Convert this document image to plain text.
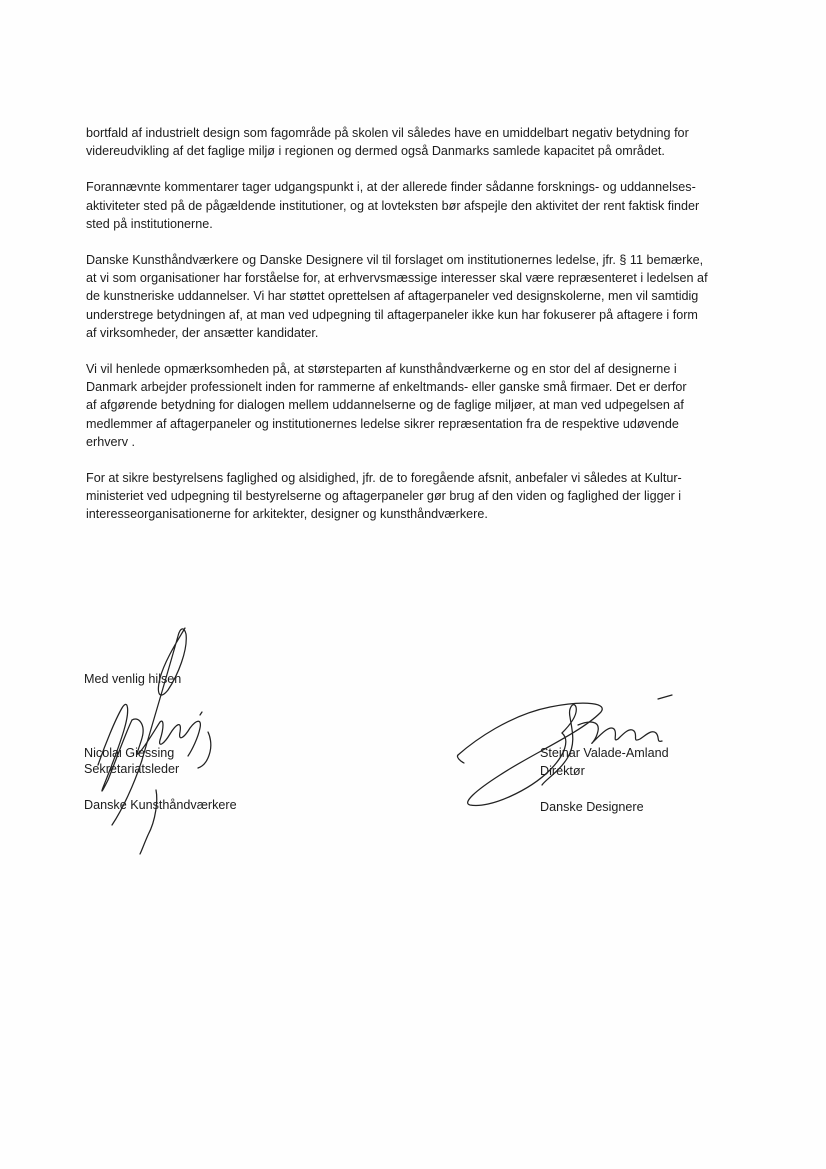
bortfald af industrielt design som fagområde på skolen vil således have en umiddelbart negativ betydning for
videreudvikling af det faglige miljø i regionen og dermed også Danmarks samlede kapacitet på området.

Forannævnte kommentarer tager udgangspunkt i, at der allerede finder sådanne forsknings- og uddannelses-
aktiviteter sted på de pågældende institutioner, og at lovteksten bør afspejle den aktivitet der rent faktisk finder
sted på institutionerne.

Danske Kunsthåndværkere og Danske Designere vil til forslaget om institutionernes ledelse, jfr. § 11 bemærke,
at vi som organisationer har forståelse for, at erhvervsmæssige interesser skal være repræsenteret i ledelsen af
de kunstneriske uddannelser. Vi har støttet oprettelsen af aftagerpaneler ved designskolerne, men vil samtidig
understrege betydningen af, at man ved udpegning til aftagerpaneler ikke kun har fokuserer på aftagere i form
af virksomheder, der ansætter kandidater.

Vi vil henlede opmærksomheden på, at størsteparten af kunsthåndværkerne og en stor del af designerne i
Danmark arbejder professionelt inden for rammerne af enkeltmands- eller ganske små firmaer. Det er derfor
af afgørende betydning for dialogen mellem uddannelserne og de faglige miljøer, at man ved udpegelsen af
medlemmer af aftagerpaneler og institutionernes ledelse sikrer repræsentation fra de respektive udøvende
erhverv .

For at sikre bestyrelsens faglighed og alsidighed, jfr. de to foregående afsnit, anbefaler vi således at Kultur-
ministeriet ved udpegning til bestyrelserne og aftagerpaneler gør brug af den viden og faglighed der ligger i
interesseorganisationerne for arkitekter, designer og kunsthåndværkere.

Med venlig hilsen
Nicolai Giessing
Sekretariatsleder
Danske Kunsthåndværkere
Steinar Valade-Amland
Direktør
Danske Designere
